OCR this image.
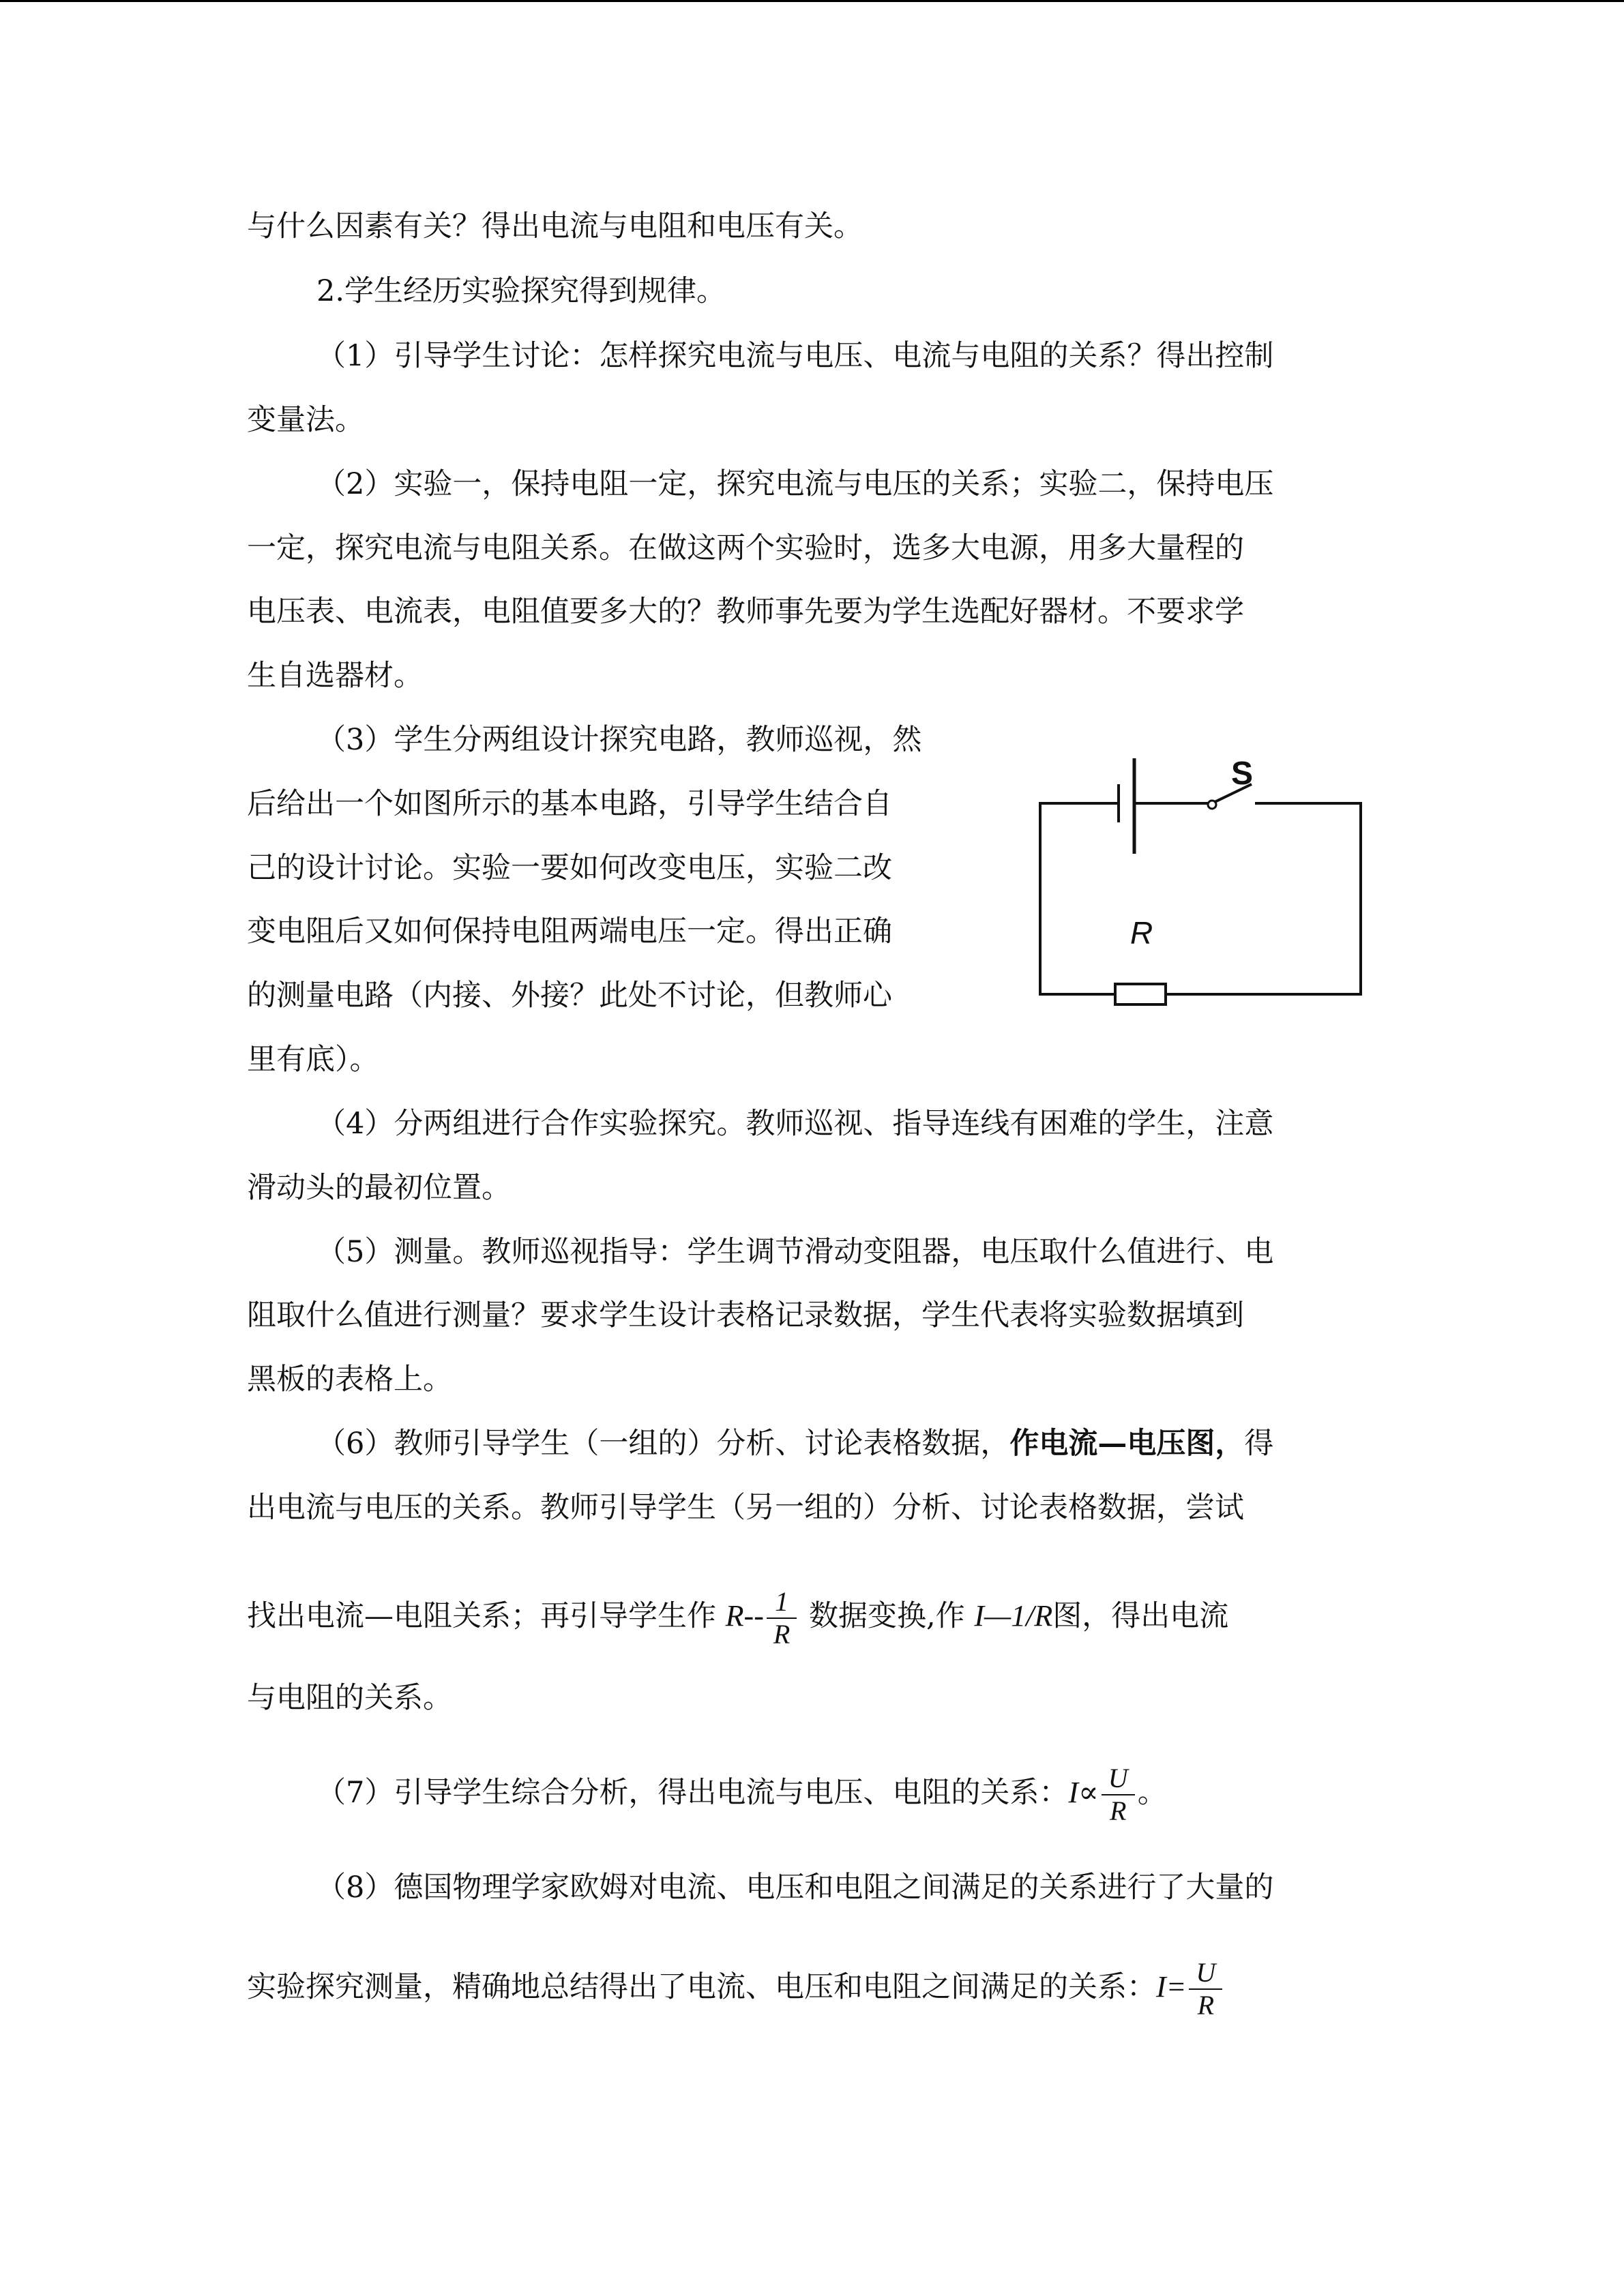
与什么因素有关？得出电流与电阻和电压有关。
2.学生经历实验探究得到规律。
（1）引导学生讨论：怎样探究电流与电压、电流与电阻的关系？得出控制
变量法。
（2）实验一，保持电阻一定，探究电流与电压的关系；实验二，保持电压
一定，探究电流与电阻关系。在做这两个实验时，选多大电源，用多大量程的
电压表、电流表，电阻值要多大的？教师事先要为学生选配好器材。不要求学
生自选器材。
（3）学生分两组设计探究电路，教师巡视，然
后给出一个如图所示的基本电路，引导学生结合自
己的设计讨论。实验一要如何改变电压，实验二改
变电阻后又如何保持电阻两端电压一定。得出正确
的测量电路（内接、外接？此处不讨论，但教师心
里有底）。
S
R
（4）分两组进行合作实验探究。教师巡视、指导连线有困难的学生，注意
滑动头的最初位置。
（5）测量。教师巡视指导：学生调节滑动变阻器，电压取什么值进行、电
阻取什么值进行测量？要求学生设计表格记录数据，学生代表将实验数据填到
黑板的表格上。
（6）教师引导学生（一组的）分析、讨论表格数据，作电流—电压图，得
出电流与电压的关系。教师引导学生（另一组的）分析、讨论表格数据，尝试
找出电流—电阻关系；再引导学生作 $R-- \frac{1}{R}$ 数据变换,作 I—1/R图，得出电流
与电阻的关系。
（7）引导学生综合分析，得出电流与电压、电阻的关系：$I\propto \frac{U}{R}$ 。
（8）德国物理学家欧姆对电流、电压和电阻之间满足的关系进行了大量的
实验探究测量，精确地总结得出了电流、电压和电阻之间满足的关系：$I= \frac{U}{R}$
